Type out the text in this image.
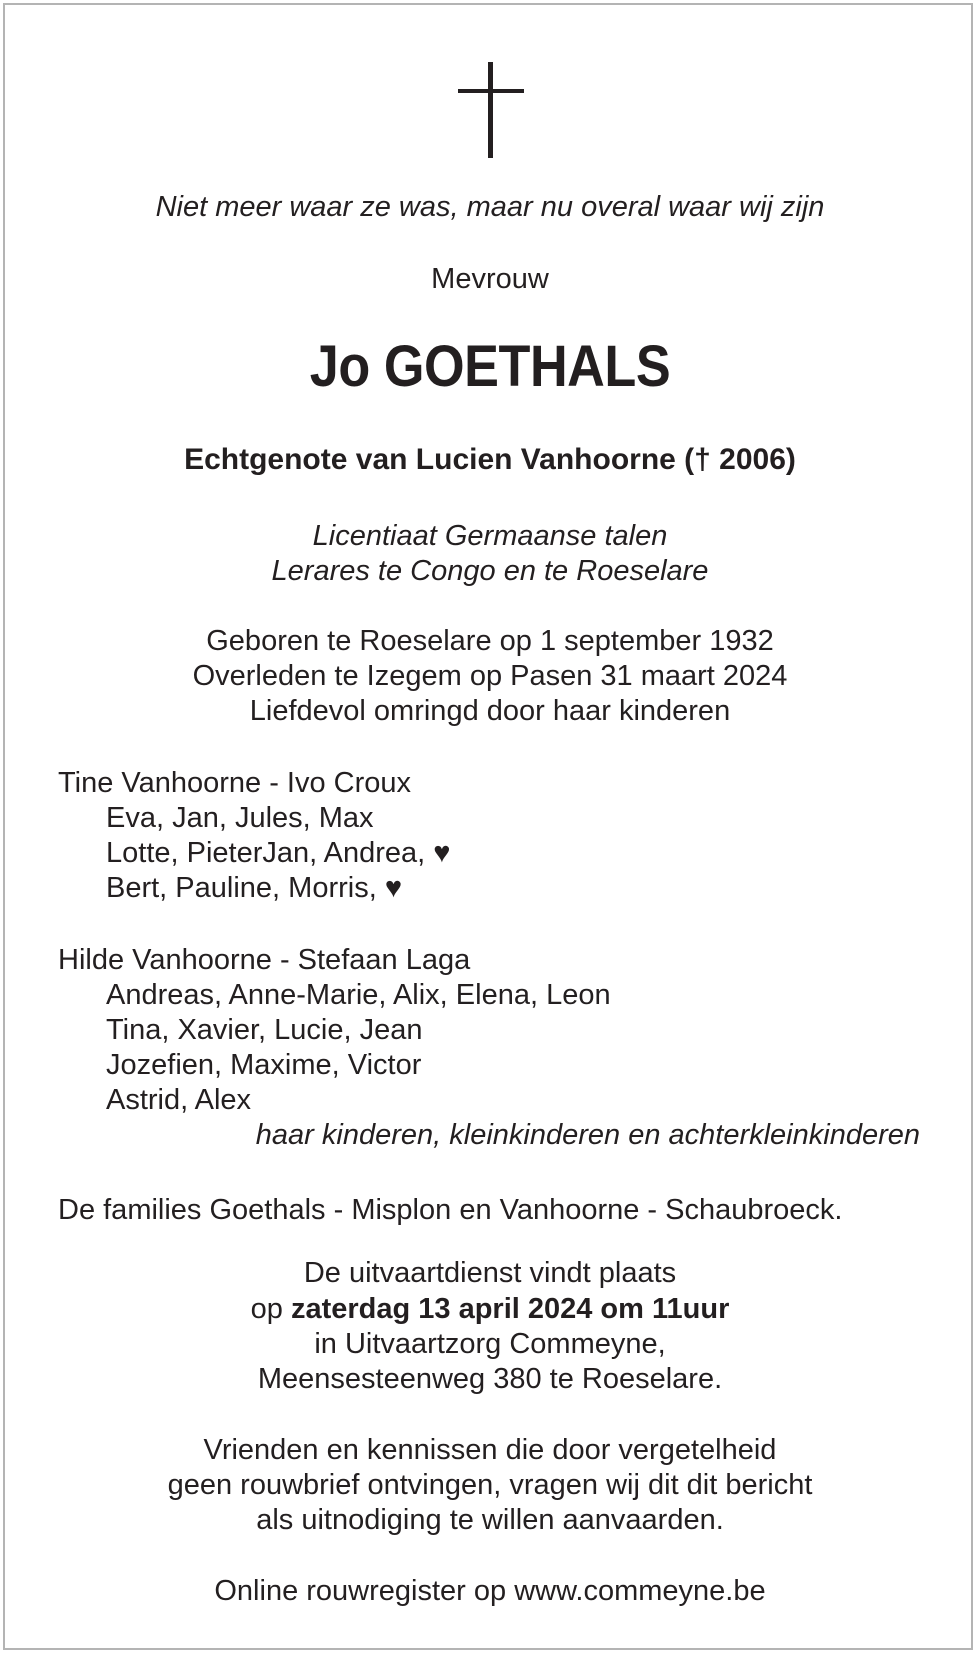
Niet meer waar ze was, maar nu overal waar wij zijn
Mevrouw
Jo GOETHALS
Echtgenote van Lucien Vanhoorne († 2006)
Licentiaat Germaanse talen
Lerares te Congo en te Roeselare
Geboren te Roeselare op 1 september 1932
Overleden te Izegem op Pasen 31 maart 2024
Liefdevol omringd door haar kinderen
Tine Vanhoorne - Ivo Croux
Eva, Jan, Jules, Max
Lotte, PieterJan, Andrea, ♥
Bert, Pauline, Morris, ♥
Hilde Vanhoorne - Stefaan Laga
Andreas, Anne-Marie, Alix, Elena, Leon
Tina, Xavier, Lucie, Jean
Jozefien, Maxime, Victor
Astrid, Alex
haar kinderen, kleinkinderen en achterkleinkinderen
De families Goethals - Misplon en Vanhoorne - Schaubroeck.
De uitvaartdienst vindt plaats
op zaterdag 13 april 2024 om 11uur
in Uitvaartzorg Commeyne,
Meensesteenweg 380 te Roeselare.
Vrienden en kennissen die door vergetelheid
geen rouwbrief ontvingen, vragen wij dit dit bericht
als uitnodiging te willen aanvaarden.
Online rouwregister op www.commeyne.be
